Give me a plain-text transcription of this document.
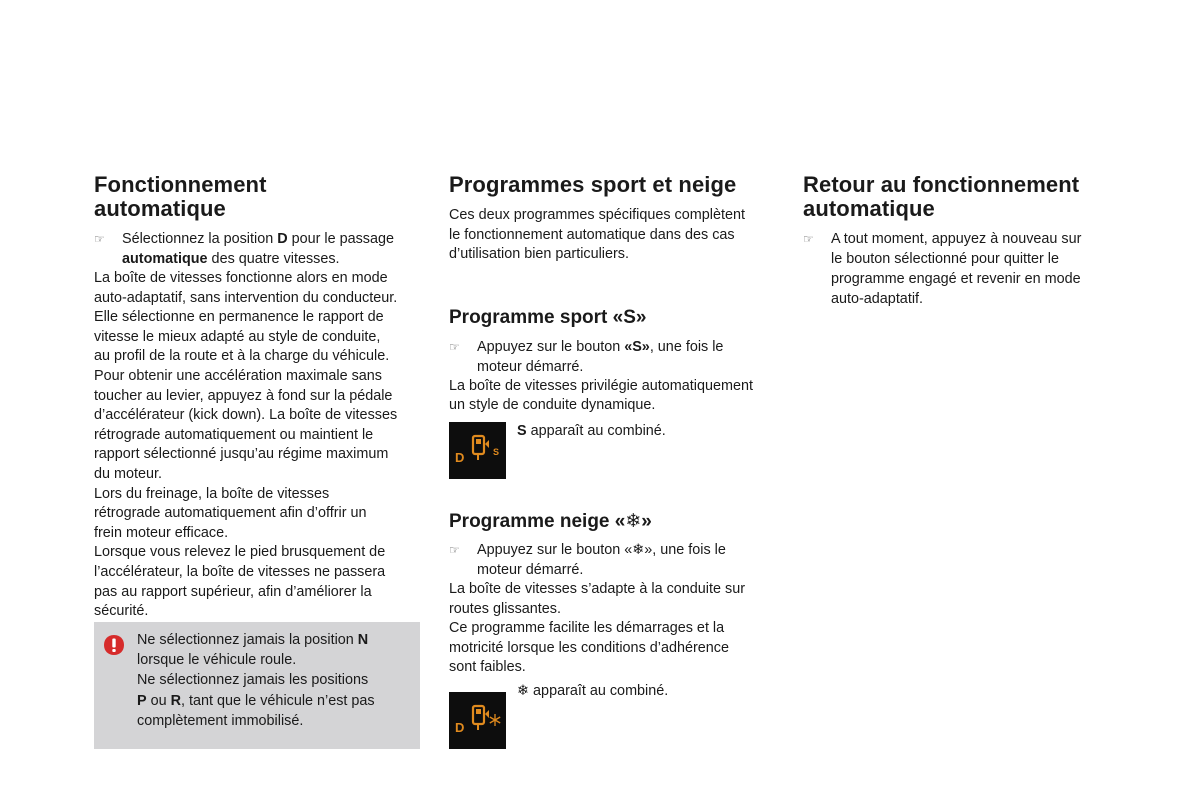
Fonctionnement
automatique
☞ Sélectionnez la position D pour le passage
automatique des quatre vitesses.

La boîte de vitesses fonctionne alors en mode
auto-adaptatif, sans intervention du conducteur.
Elle sélectionne en permanence le rapport de
vitesse le mieux adapté au style de conduite,
au profil de la route et à la charge du véhicule.
Pour obtenir une accélération maximale sans
toucher au levier, appuyez à fond sur la pédale
d’accélérateur (kick down). La boîte de vitesses
rétrograde automatiquement ou maintient le
rapport sélectionné jusqu’au régime maximum
du moteur.
Lors du freinage, la boîte de vitesses
rétrograde automatiquement afin d’offrir un
frein moteur efficace.
Lorsque vous relevez le pied brusquement de
l’accélérateur, la boîte de vitesses ne passera
pas au rapport supérieur, afin d’améliorer la
sécurité.

Ne sélectionnez jamais la position N
lorsque le véhicule roule.
Ne sélectionnez jamais les positions
P ou R, tant que le véhicule n’est pas
complètement immobilisé.
Programmes sport et neige

Ces deux programmes spécifiques complètent
le fonctionnement automatique dans des cas
d’utilisation bien particuliers.

Programme sport «S»
☞ Appuyez sur le bouton «S», une fois le
moteur démarré.

La boîte de vitesses privilégie automatiquement
un style de conduite dynamique.

D	S
S apparaît au combiné.
Programme neige «❄»
☞ Appuyez sur le bouton «❄», une fois le
moteur démarré.

La boîte de vitesses s’adapte à la conduite sur
routes glissantes.
Ce programme facilite les démarrages et la
motricité lorsque les conditions d’adhérence
sont faibles.

D
❄ apparaît au combiné.
Retour au fonctionnement
automatique
☞ A tout moment, appuyez à nouveau sur
le bouton sélectionné pour quitter le
programme engagé et revenir en mode
auto-adaptatif.
